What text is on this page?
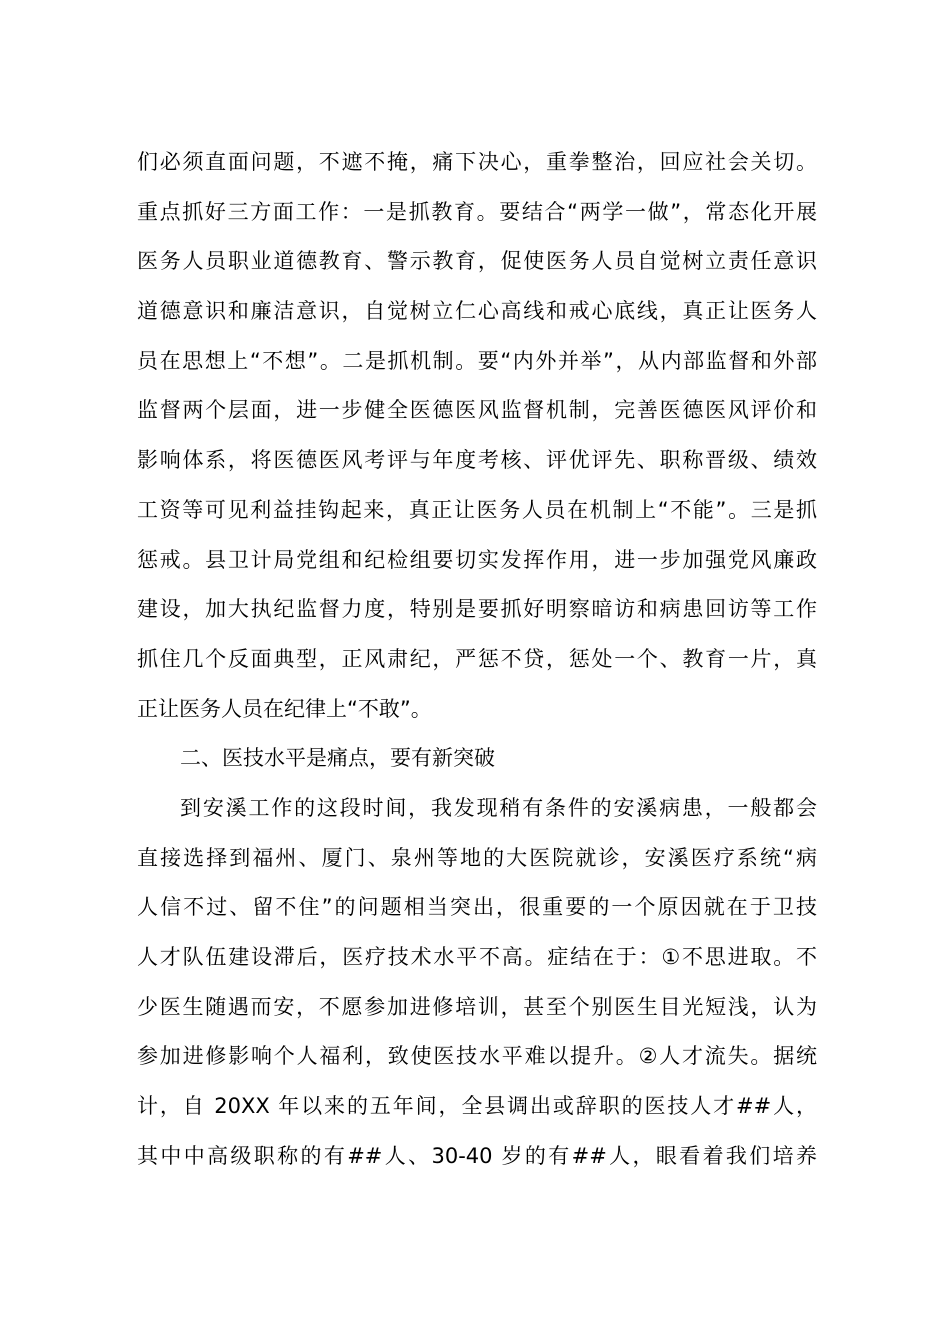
们必须直面问题，不遮不掩，痛下决心，重拳整治，回应社会关切。
重点抓好三方面工作：一是抓教育。要结合“两学一做”，常态化开展
医务人员职业道德教育、警示教育，促使医务人员自觉树立责任意识
道德意识和廉洁意识，自觉树立仁心高线和戒心底线，真正让医务人
员在思想上“不想”。二是抓机制。要“内外并举”，从内部监督和外部
监督两个层面，进一步健全医德医风监督机制，完善医德医风评价和
影响体系，将医德医风考评与年度考核、评优评先、职称晋级、绩效
工资等可见利益挂钩起来，真正让医务人员在机制上“不能”。三是抓
惩戒。县卫计局党组和纪检组要切实发挥作用，进一步加强党风廉政
建设，加大执纪监督力度，特别是要抓好明察暗访和病患回访等工作
抓住几个反面典型，正风肃纪，严惩不贷，惩处一个、教育一片，真
正让医务人员在纪律上“不敢”。
二、医技水平是痛点，要有新突破
到安溪工作的这段时间，我发现稍有条件的安溪病患，一般都会
直接选择到福州、厦门、泉州等地的大医院就诊，安溪医疗系统“病
人信不过、留不住”的问题相当突出，很重要的一个原因就在于卫技
人才队伍建设滞后，医疗技术水平不高。症结在于：①不思进取。不
少医生随遇而安，不愿参加进修培训，甚至个别医生目光短浅，认为
参加进修影响个人福利，致使医技水平难以提升。②人才流失。据统
计，自 20XX 年以来的五年间，全县调出或辞职的医技人才##人，
其中中高级职称的有##人、30-40 岁的有##人，眼看着我们培养
